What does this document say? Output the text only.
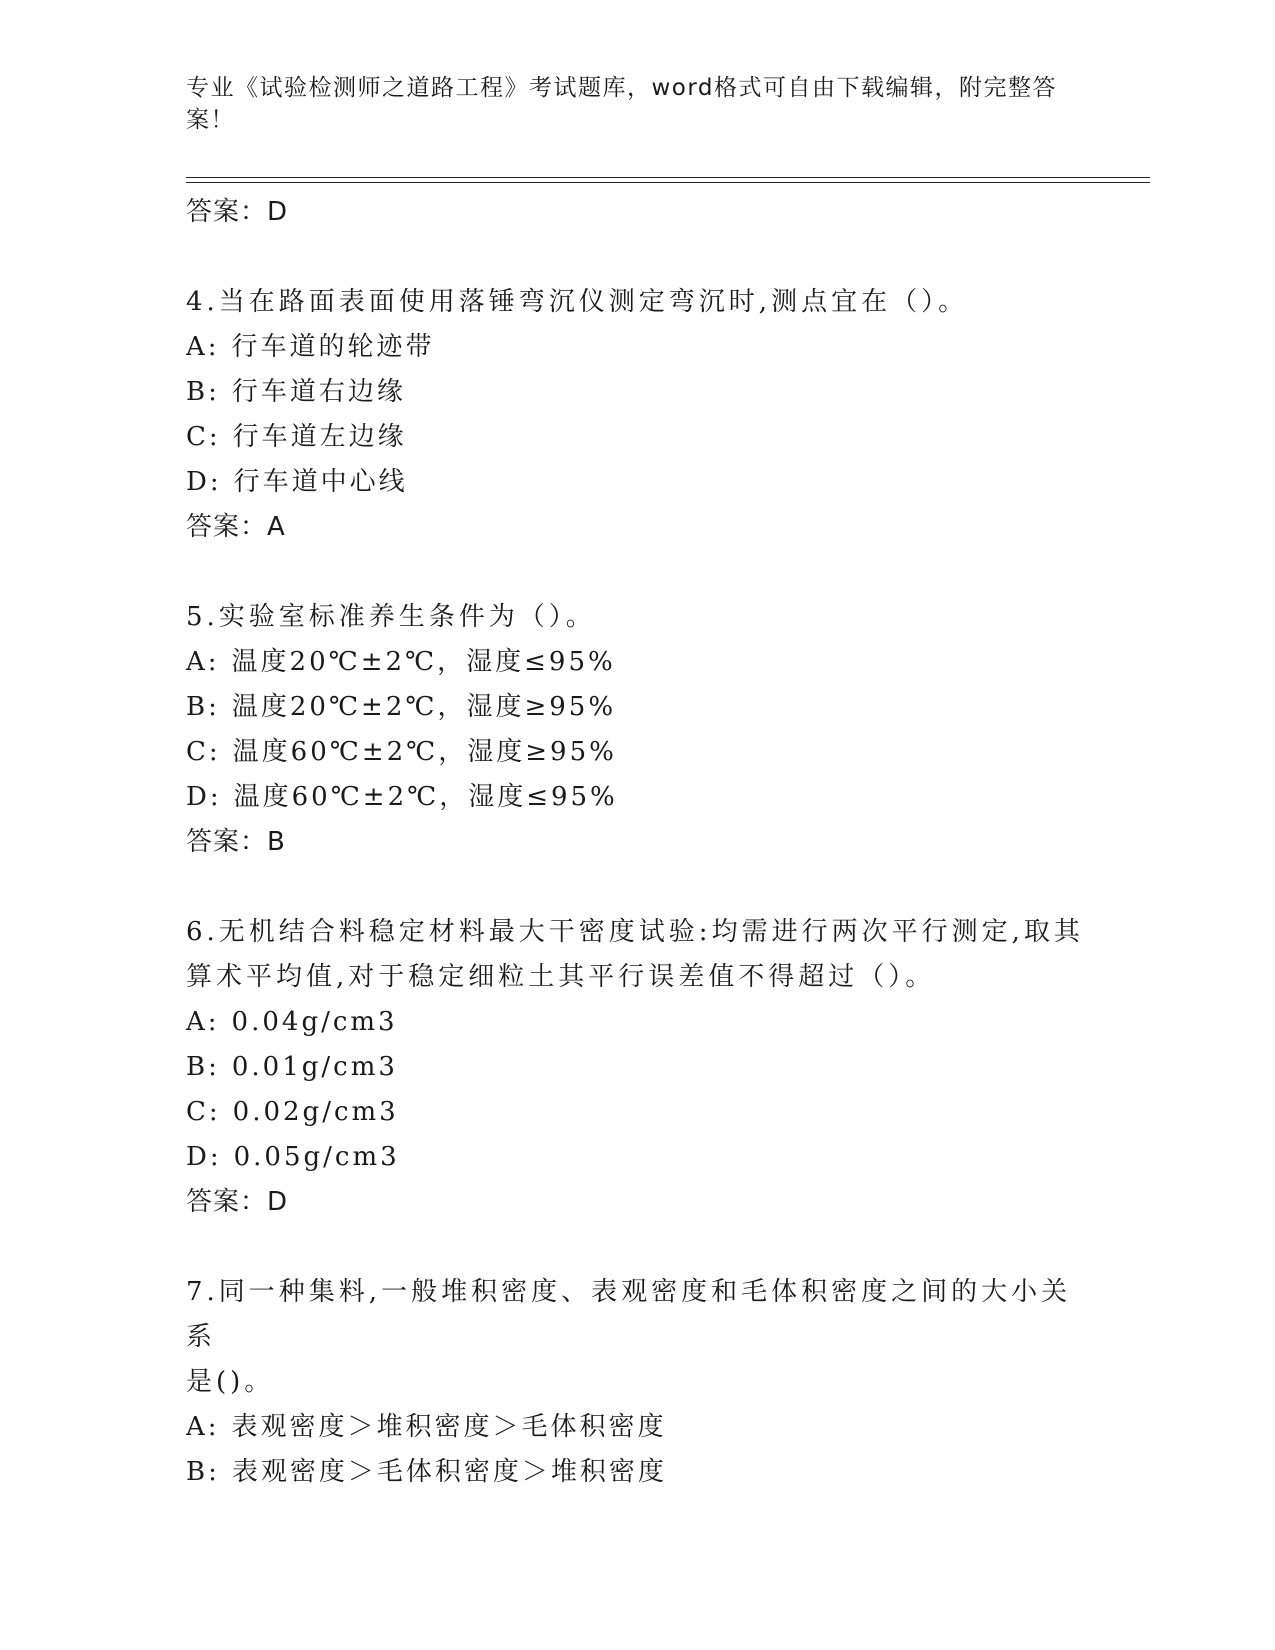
专业《试验检测师之道路工程》考试题库，word格式可自由下载编辑，附完整答
案！
答案：D
4.当在路面表面使用落锤弯沉仪测定弯沉时,测点宜在（）。
A: 行车道的轮迹带
B: 行车道右边缘
C: 行车道左边缘
D: 行车道中心线
答案：A
5.实验室标准养生条件为（）。
A: 温度20℃±2℃，湿度≤95%
B: 温度20℃±2℃，湿度≥95%
C: 温度60℃±2℃，湿度≥95%
D: 温度60℃±2℃，湿度≤95%
答案：B
6.无机结合料稳定材料最大干密度试验:均需进行两次平行测定,取其
算术平均值,对于稳定细粒土其平行误差值不得超过（）。
A: 0.04g/cm3
B: 0.01g/cm3
C: 0.02g/cm3
D: 0.05g/cm3
答案：D
7.同一种集料,一般堆积密度、表观密度和毛体积密度之间的大小关系
是()。
A: 表观密度＞堆积密度＞毛体积密度
B: 表观密度＞毛体积密度＞堆积密度
